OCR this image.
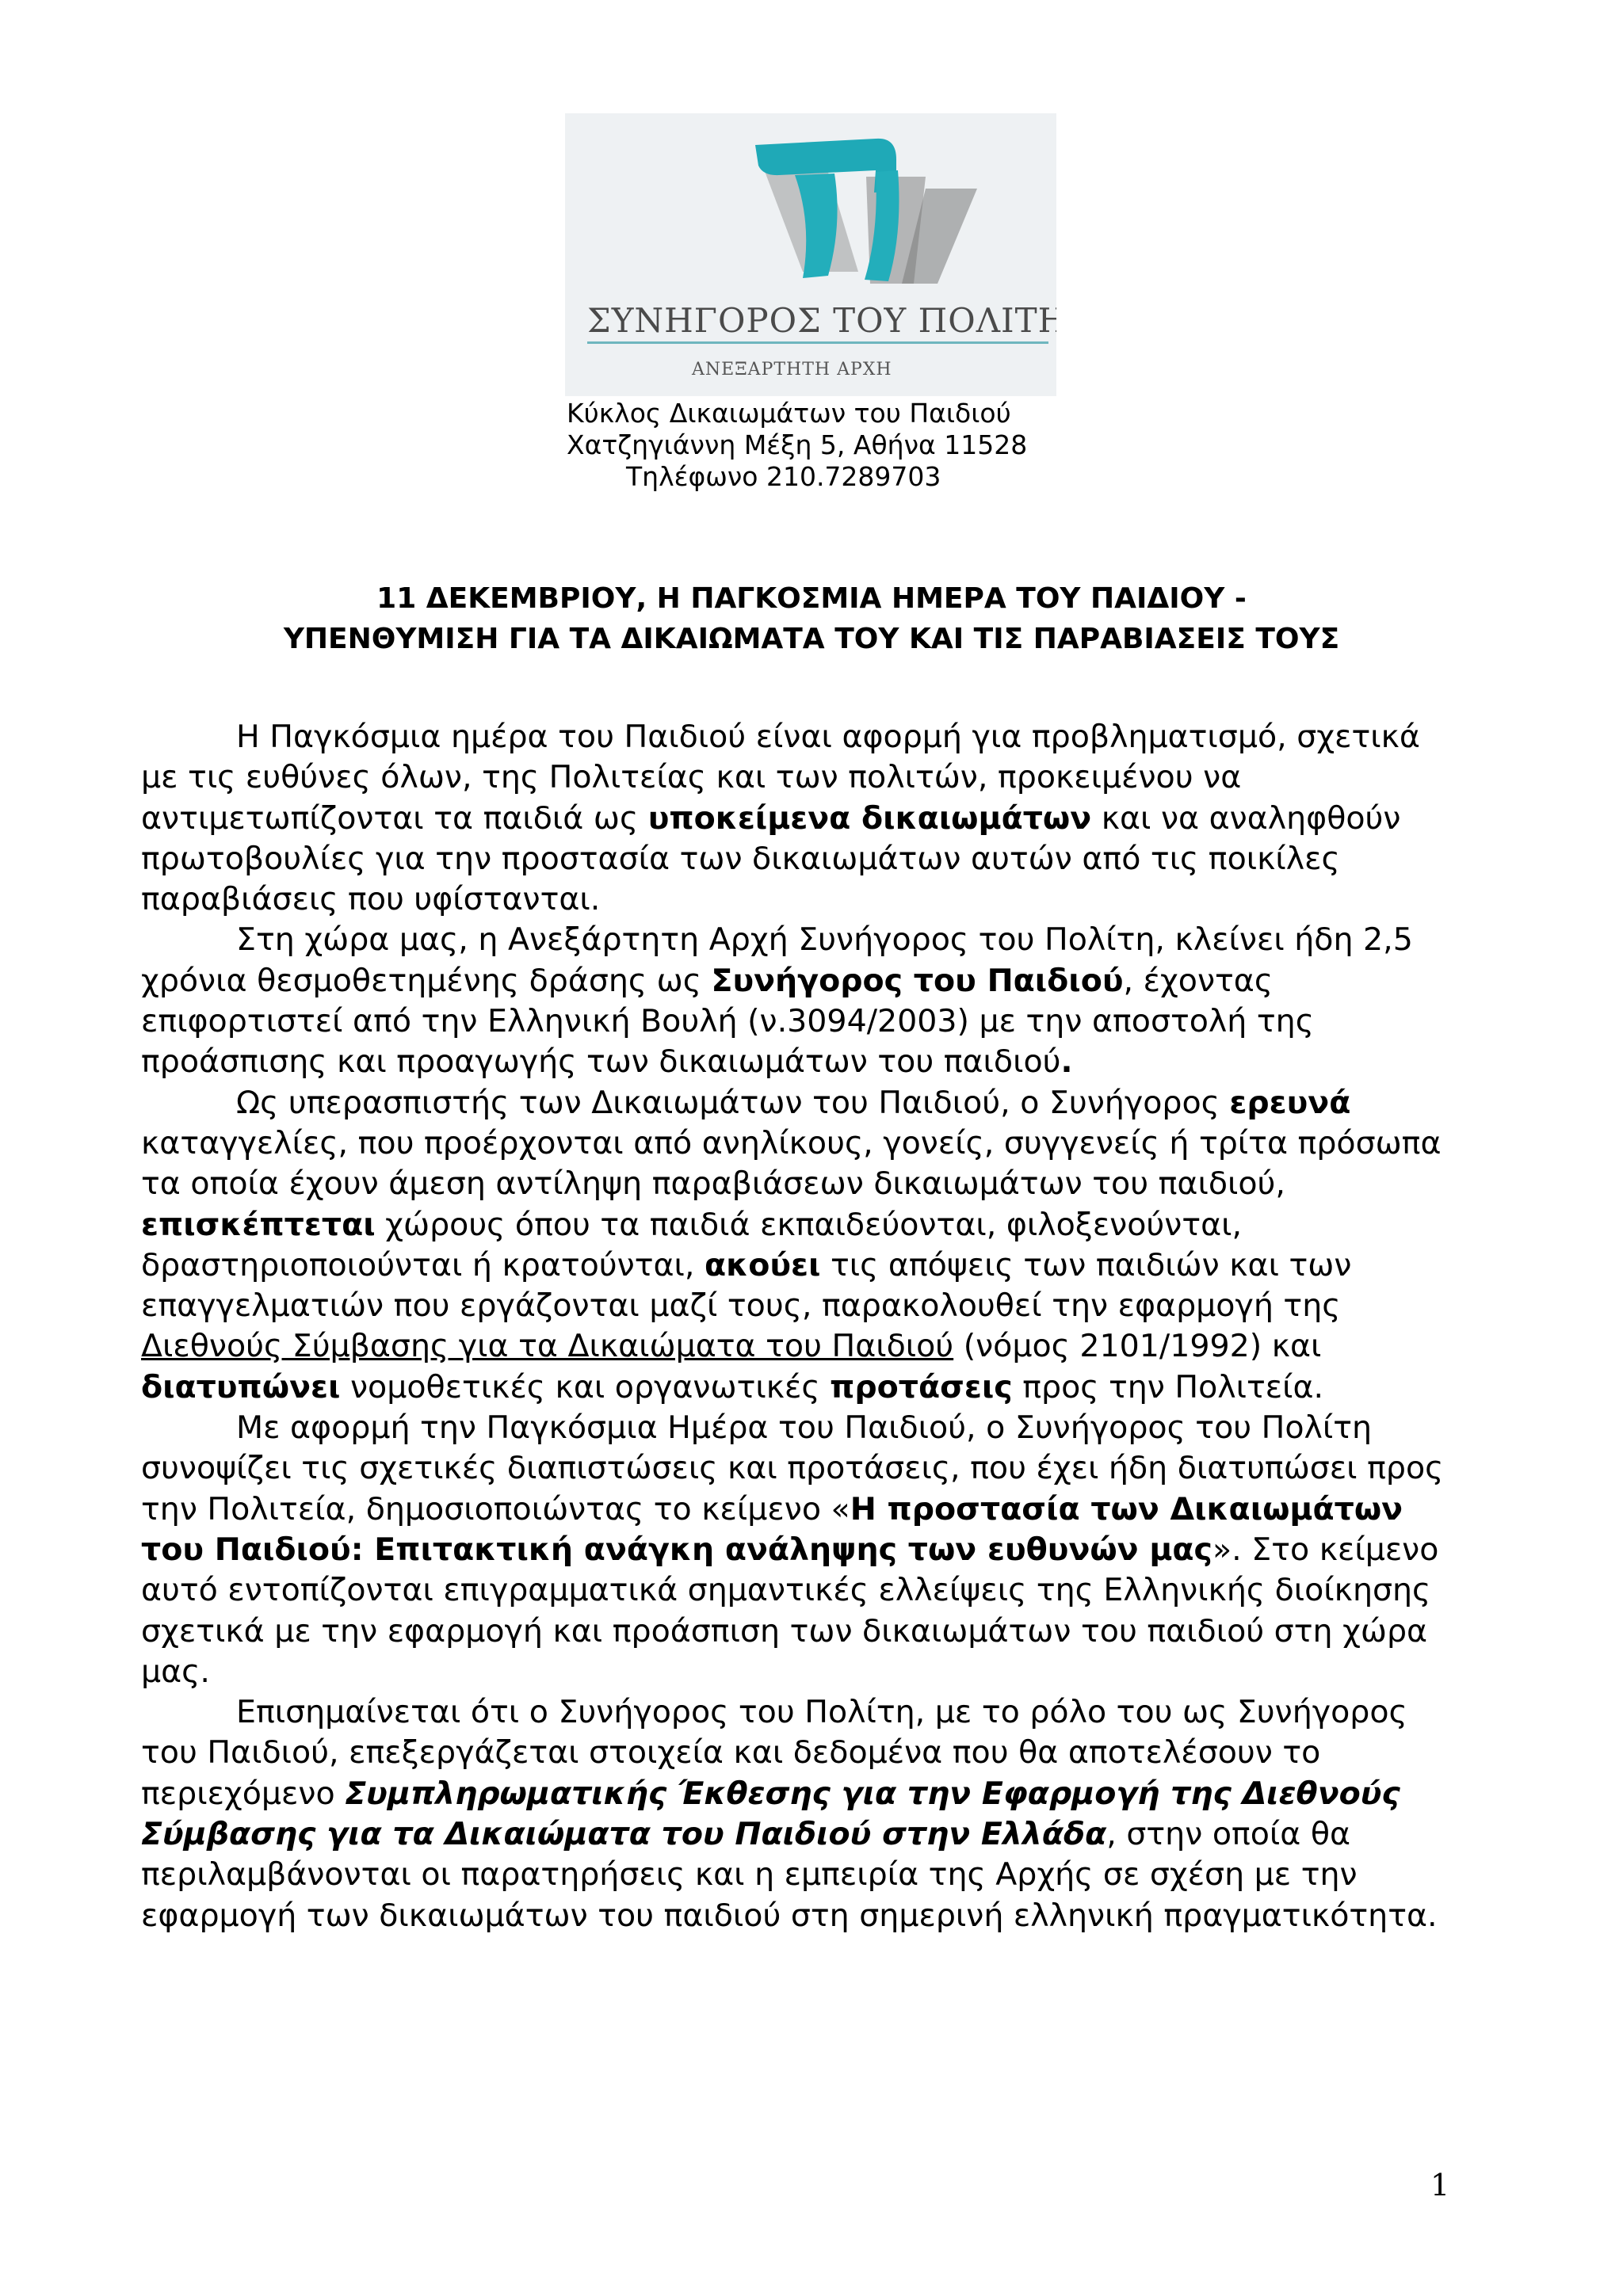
ΣΥΝΗΓΟΡΟΣ ΤΟΥ ΠΟΛΙΤΗ
ΑΝΕΞΑΡΤΗΤΗ ΑΡΧΗ
Κύκλος Δικαιωμάτων του Παιδιού
Χατζηγιάννη Μέξη 5, Αθήνα 11528
Τηλέφωνο 210.7289703
11 ΔΕΚΕΜΒΡΙΟΥ, Η ΠΑΓΚΟΣΜΙΑ ΗΜΕΡΑ ΤΟΥ ΠΑΙΔΙΟΥ -
ΥΠΕΝΘΥΜΙΣΗ ΓΙΑ ΤΑ ΔΙΚΑΙΩΜΑΤΑ ΤΟΥ ΚΑΙ ΤΙΣ ΠΑΡΑΒΙΑΣΕΙΣ ΤΟΥΣ

Η Παγκόσμια ημέρα του Παιδιού είναι αφορμή για προβληματισμό, σχετικά με τις ευθύνες όλων, της Πολιτείας και των πολιτών, προκειμένου να αντιμετωπίζονται τα παιδιά ως υποκείμενα δικαιωμάτων και να αναληφθούν πρωτοβουλίες για την προστασία των δικαιωμάτων αυτών από τις ποικίλες παραβιάσεις που υφίστανται.

Στη χώρα μας, η Ανεξάρτητη Αρχή Συνήγορος του Πολίτη, κλείνει ήδη 2,5 χρόνια θεσμοθετημένης δράσης ως Συνήγορος του Παιδιού, έχοντας επιφορτιστεί από την Ελληνική Βουλή (ν.3094/2003) με την αποστολή της προάσπισης και προαγωγής των δικαιωμάτων του παιδιού.

Ως υπερασπιστής των Δικαιωμάτων του Παιδιού, ο Συνήγορος ερευνά καταγγελίες, που προέρχονται από ανηλίκους, γονείς, συγγενείς ή τρίτα πρόσωπα τα οποία έχουν άμεση αντίληψη παραβιάσεων δικαιωμάτων του παιδιού, επισκέπτεται χώρους όπου τα παιδιά εκπαιδεύονται, φιλοξενούνται, δραστηριοποιούνται ή κρατούνται, ακούει τις απόψεις των παιδιών και των επαγγελματιών που εργάζονται μαζί τους, παρακολουθεί την εφαρμογή της Διεθνούς Σύμβασης για τα Δικαιώματα του Παιδιού (νόμος 2101/1992) και διατυπώνει νομοθετικές και οργανωτικές προτάσεις προς την Πολιτεία.

Με αφορμή την Παγκόσμια Ημέρα του Παιδιού, ο Συνήγορος του Πολίτη συνοψίζει τις σχετικές διαπιστώσεις και προτάσεις, που έχει ήδη διατυπώσει προς την Πολιτεία, δημοσιοποιώντας το κείμενο «Η προστασία των Δικαιωμάτων του Παιδιού: Επιτακτική ανάγκη ανάληψης των ευθυνών μας». Στο κείμενο αυτό εντοπίζονται επιγραμματικά σημαντικές ελλείψεις της Ελληνικής διοίκησης σχετικά με την εφαρμογή και προάσπιση των δικαιωμάτων του παιδιού στη χώρα μας.

Επισημαίνεται ότι ο Συνήγορος του Πολίτη, με το ρόλο του ως Συνήγορος του Παιδιού, επεξεργάζεται στοιχεία και δεδομένα που θα αποτελέσουν το περιεχόμενο Συμπληρωματικής Έκθεσης για την Εφαρμογή της Διεθνούς Σύμβασης για τα Δικαιώματα του Παιδιού στην Ελλάδα, στην οποία θα περιλαμβάνονται οι παρατηρήσεις και η εμπειρία της Αρχής σε σχέση με την εφαρμογή των δικαιωμάτων του παιδιού στη σημερινή ελληνική πραγματικότητα.

1
